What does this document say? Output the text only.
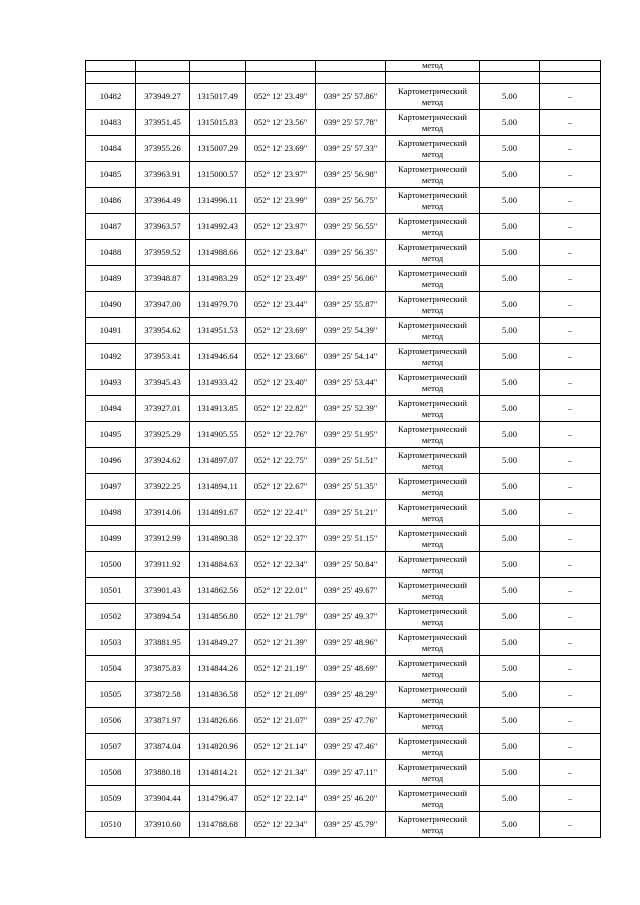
					метод		

10482	373949.27	1315017.49	052° 12' 23.49"	039° 25' 57.86"	Картометрический
метод	5.00	–
10483	373951.45	1315015.83	052° 12' 23.56"	039° 25' 57.78"	Картометрический
метод	5.00	–
10484	373955.26	1315007.29	052° 12' 23.69"	039° 25' 57.33"	Картометрический
метод	5.00	–
10485	373963.91	1315000.57	052° 12' 23.97"	039° 25' 56.98"	Картометрический
метод	5.00	–
10486	373964.49	1314996.11	052° 12' 23.99"	039° 25' 56.75"	Картометрический
метод	5.00	–
10487	373963.57	1314992.43	052° 12' 23.97"	039° 25' 56.55"	Картометрический
метод	5.00	–
10488	373959.52	1314988.66	052° 12' 23.84"	039° 25' 56.35"	Картометрический
метод	5.00	–
10489	373948.87	1314983.29	052° 12' 23.49"	039° 25' 56.06"	Картометрический
метод	5.00	–
10490	373947.00	1314979.70	052° 12' 23.44"	039° 25' 55.87"	Картометрический
метод	5.00	–
10491	373954.62	1314951.53	052° 12' 23.69"	039° 25' 54.39"	Картометрический
метод	5.00	–
10492	373953.41	1314946.64	052° 12' 23.66"	039° 25' 54.14"	Картометрический
метод	5.00	–
10493	373945.43	1314933.42	052° 12' 23.40"	039° 25' 53.44"	Картометрический
метод	5.00	–
10494	373927.01	1314913.85	052° 12' 22.82"	039° 25' 52.39"	Картометрический
метод	5.00	–
10495	373925.29	1314905.55	052° 12' 22.76"	039° 25' 51.95"	Картометрический
метод	5.00	–
10496	373924.62	1314897.07	052° 12' 22.75"	039° 25' 51.51"	Картометрический
метод	5.00	–
10497	373922.25	1314894.11	052° 12' 22.67"	039° 25' 51.35"	Картометрический
метод	5.00	–
10498	373914.06	1314891.67	052° 12' 22.41"	039° 25' 51.21"	Картометрический
метод	5.00	–
10499	373912.99	1314890.38	052° 12' 22.37"	039° 25' 51.15"	Картометрический
метод	5.00	–
10500	373911.92	1314884.63	052° 12' 22.34"	039° 25' 50.84"	Картометрический
метод	5.00	–
10501	373901.43	1314862.56	052° 12' 22.01"	039° 25' 49.67"	Картометрический
метод	5.00	–
10502	373894.54	1314856.80	052° 12' 21.79"	039° 25' 49.37"	Картометрический
метод	5.00	–
10503	373881.95	1314849.27	052° 12' 21.39"	039° 25' 48.96"	Картометрический
метод	5.00	–
10504	373875.83	1314844.26	052° 12' 21.19"	039° 25' 48.69"	Картометрический
метод	5.00	–
10505	373872.58	1314836.58	052° 12' 21.09"	039° 25' 48.29"	Картометрический
метод	5.00	–
10506	373871.97	1314826.66	052° 12' 21.07"	039° 25' 47.76"	Картометрический
метод	5.00	–
10507	373874.04	1314820.96	052° 12' 21.14"	039° 25' 47.46"	Картометрический
метод	5.00	–
10508	373880.18	1314814.21	052° 12' 21.34"	039° 25' 47.11"	Картометрический
метод	5.00	–
10509	373904.44	1314796.47	052° 12' 22.14"	039° 25' 46.20"	Картометрический
метод	5.00	–
10510	373910.60	1314788.68	052° 12' 22.34"	039° 25' 45.79"	Картометрический
метод	5.00	–
